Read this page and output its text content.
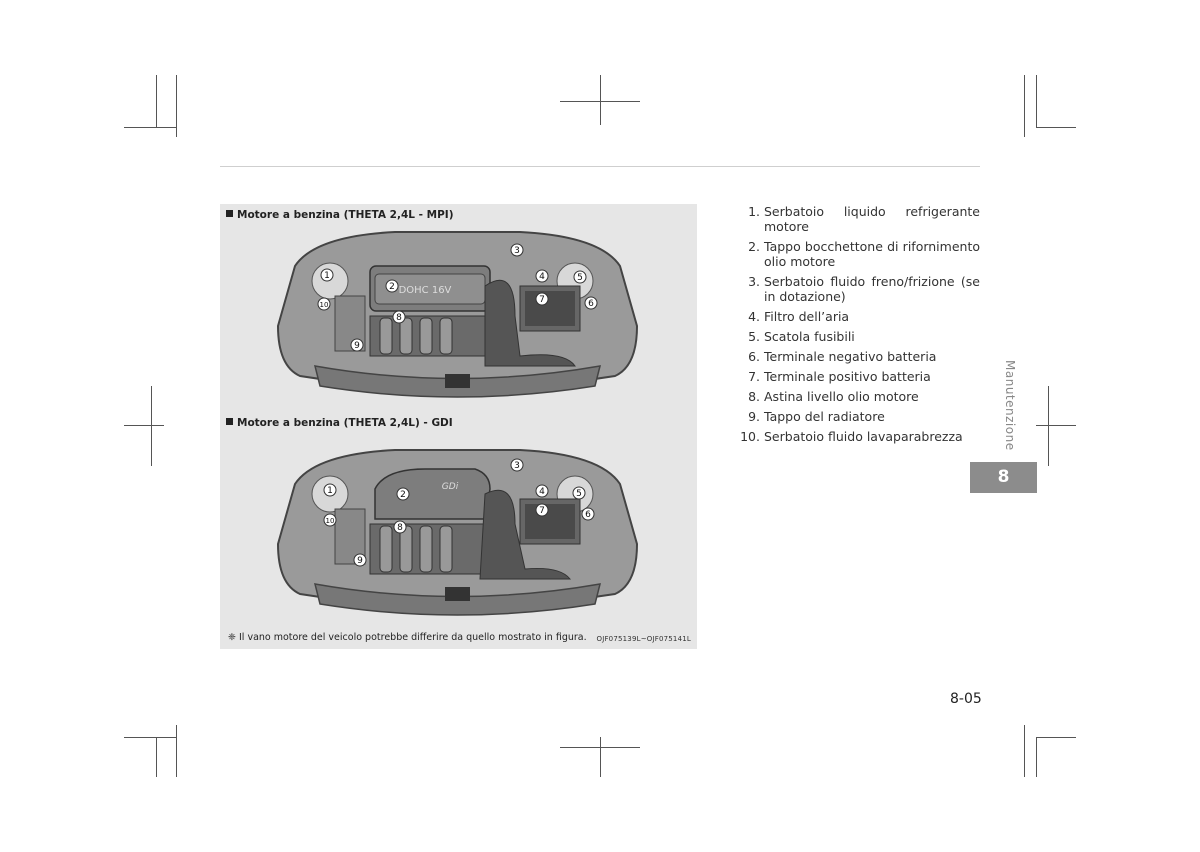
Motore a benzina (THETA 2,4L - MPI)
DOHC 16V
1
2
3
4	5
6
7
8
9
10
Motore a benzina (THETA 2,4L) - GDI
GDi
1	2
3
4	5
6
7
8
9
10
❈ Il vano motore del veicolo potrebbe differire da quello mostrato in figura. OJF075139L~OJF075141L
1. Serbatoio liquido refrigerante motore
2. Tappo bocchettone di rifornimento olio motore
3. Serbatoio fluido freno/frizione (se in dotazione)
4. Filtro dell’aria
5. Scatola fusibili
6. Terminale negativo batteria
7. Terminale positivo batteria
8. Astina livello olio motore
9. Tappo del radiatore
10. Serbatoio fluido lavaparabrezza	Manutenzione
8
8-05
